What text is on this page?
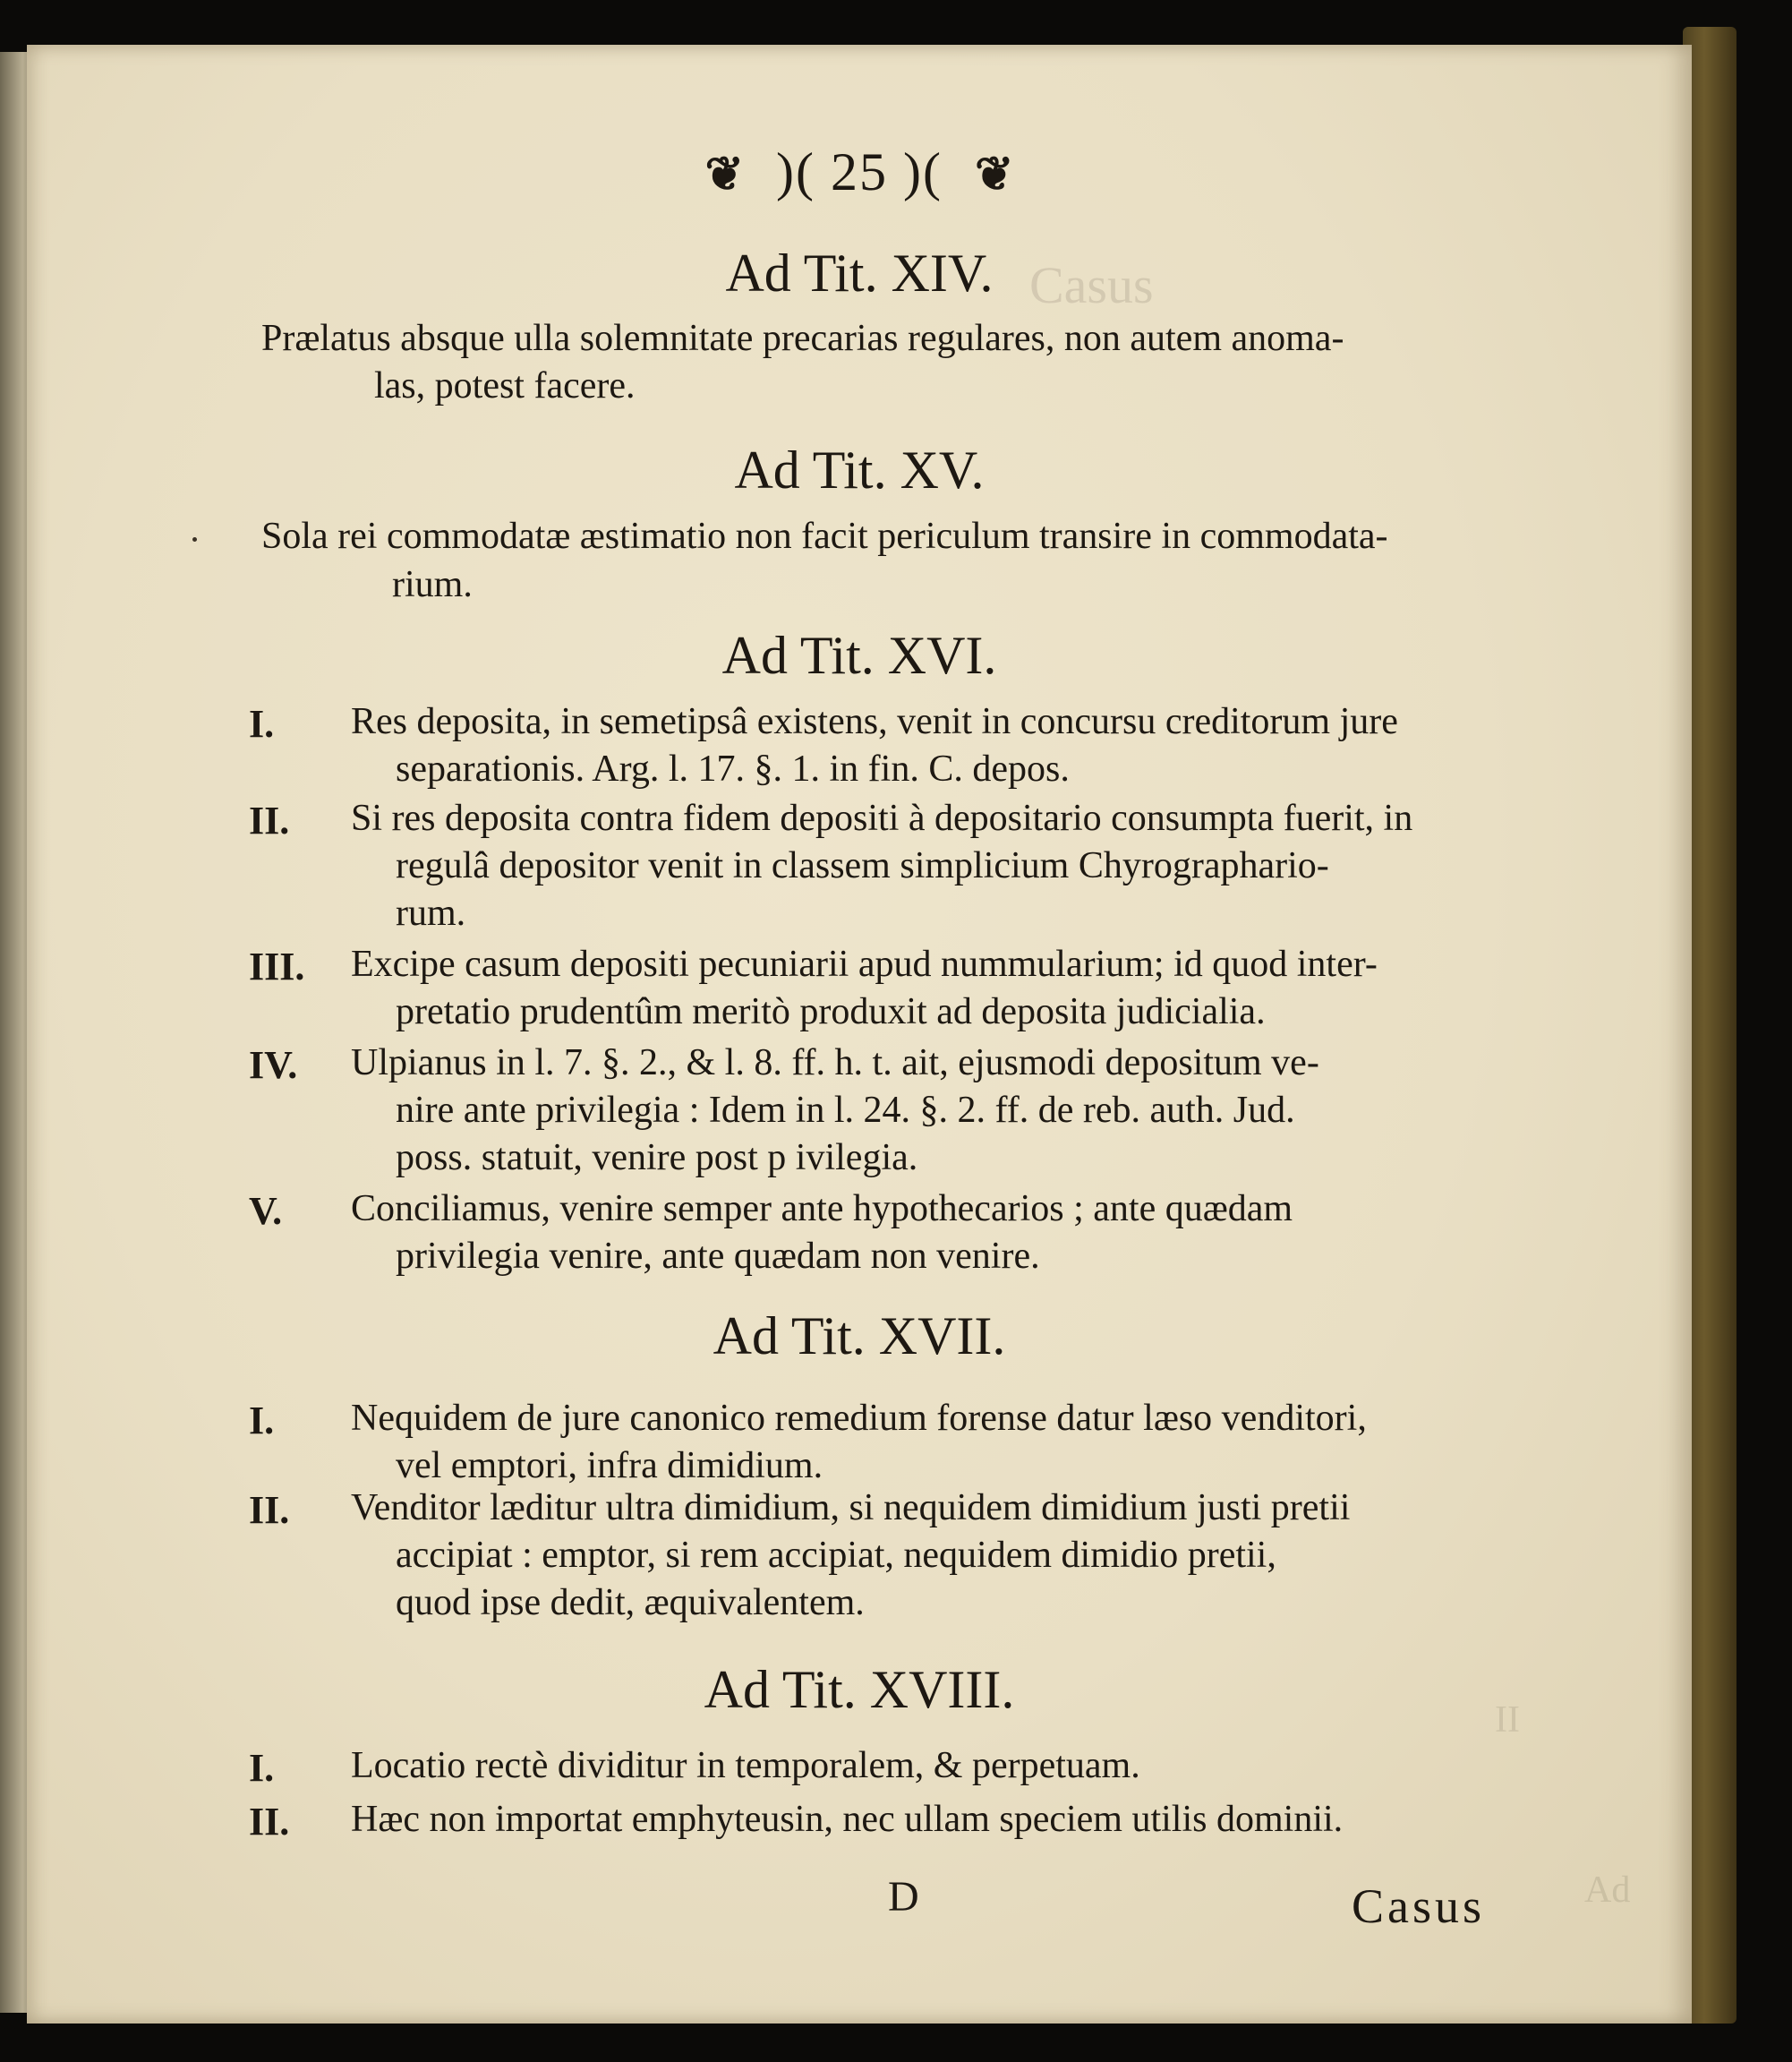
Casus
II
Ad
❦ )( 25 )( ❦
Ad Tit. XIV.
Prælatus absque ulla solemnitate precarias regulares, non autem anoma-
las, potest facere.
Ad Tit. XV.
Sola rei commodatæ æstimatio non facit periculum transire in commodata-
rium.
Ad Tit. XVI.
I. Res deposita, in semetipsâ existens, venit in concursu creditorum jure
separationis. Arg. l. 17. §. 1. in fin. C. depos.
II. Si res deposita contra fidem depositi à depositario consumpta fuerit, in
regulâ depositor venit in classem simplicium Chyrographario-
rum.
III. Excipe casum depositi pecuniarii apud nummularium; id quod inter-
pretatio prudentûm meritò produxit ad deposita judicialia.
IV. Ulpianus in l. 7. §. 2., & l. 8. ff. h. t. ait, ejusmodi depositum ve-
nire ante privilegia : Idem in l. 24. §. 2. ff. de reb. auth. Jud.
poss. statuit, venire post p ivilegia.
V. Conciliamus, venire semper ante hypothecarios ; ante quædam
privilegia venire, ante quædam non venire.
Ad Tit. XVII.
I. Nequidem de jure canonico remedium forense datur læso venditori,
vel emptori, infra dimidium.
II. Venditor læditur ultra dimidium, si nequidem dimidium justi pretii
accipiat : emptor, si rem accipiat, nequidem dimidio pretii,
quod ipse dedit, æquivalentem.
Ad Tit. XVIII.
I. Locatio rectè dividitur in temporalem, & perpetuam.
II. Hæc non importat emphyteusin, nec ullam speciem utilis dominii.
D	Casus
